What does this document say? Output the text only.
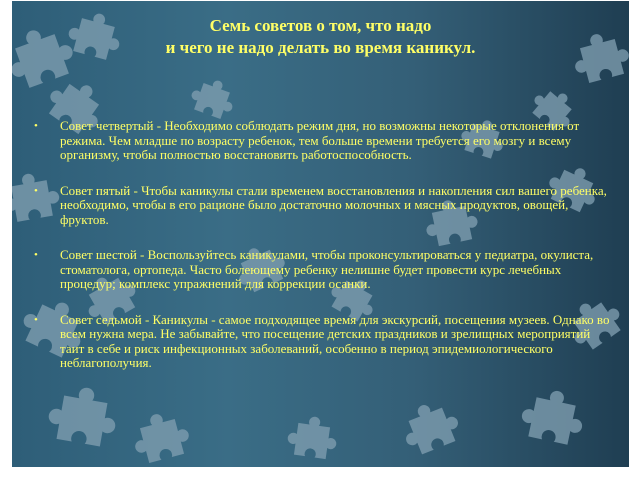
Семь советов о том, что надо
и чего не надо делать во время каникул.
• Совет четвертый - Необходимо соблюдать режим дня, но возможны некоторые отклонения от режима. Чем младше по возрасту ребенок, тем больше времени требуется его мозгу и всему организму, чтобы полностью восстановить работоспособность.
• Совет пятый - Чтобы каникулы стали временем восстановления и накопления сил вашего ребенка, необходимо, чтобы в его рационе было достаточно молочных и мясных продуктов, овощей, фруктов.
• Совет шестой - Воспользуйтесь каникулами, чтобы проконсультироваться у педиатра, окулиста, стоматолога, ортопеда. Часто болеющему ребенку нелишне будет провести курс лечебных процедур; комплекс упражнений для коррекции осанки.
• Совет седьмой - Каникулы - самое подходящее время для экскурсий, посещения музеев. Однако во всем нужна мера. Не забывайте, что посещение детских праздников и зрелищных мероприятий таит в себе и риск инфекционных заболеваний, особенно в период эпидемиологического неблагополучия.
